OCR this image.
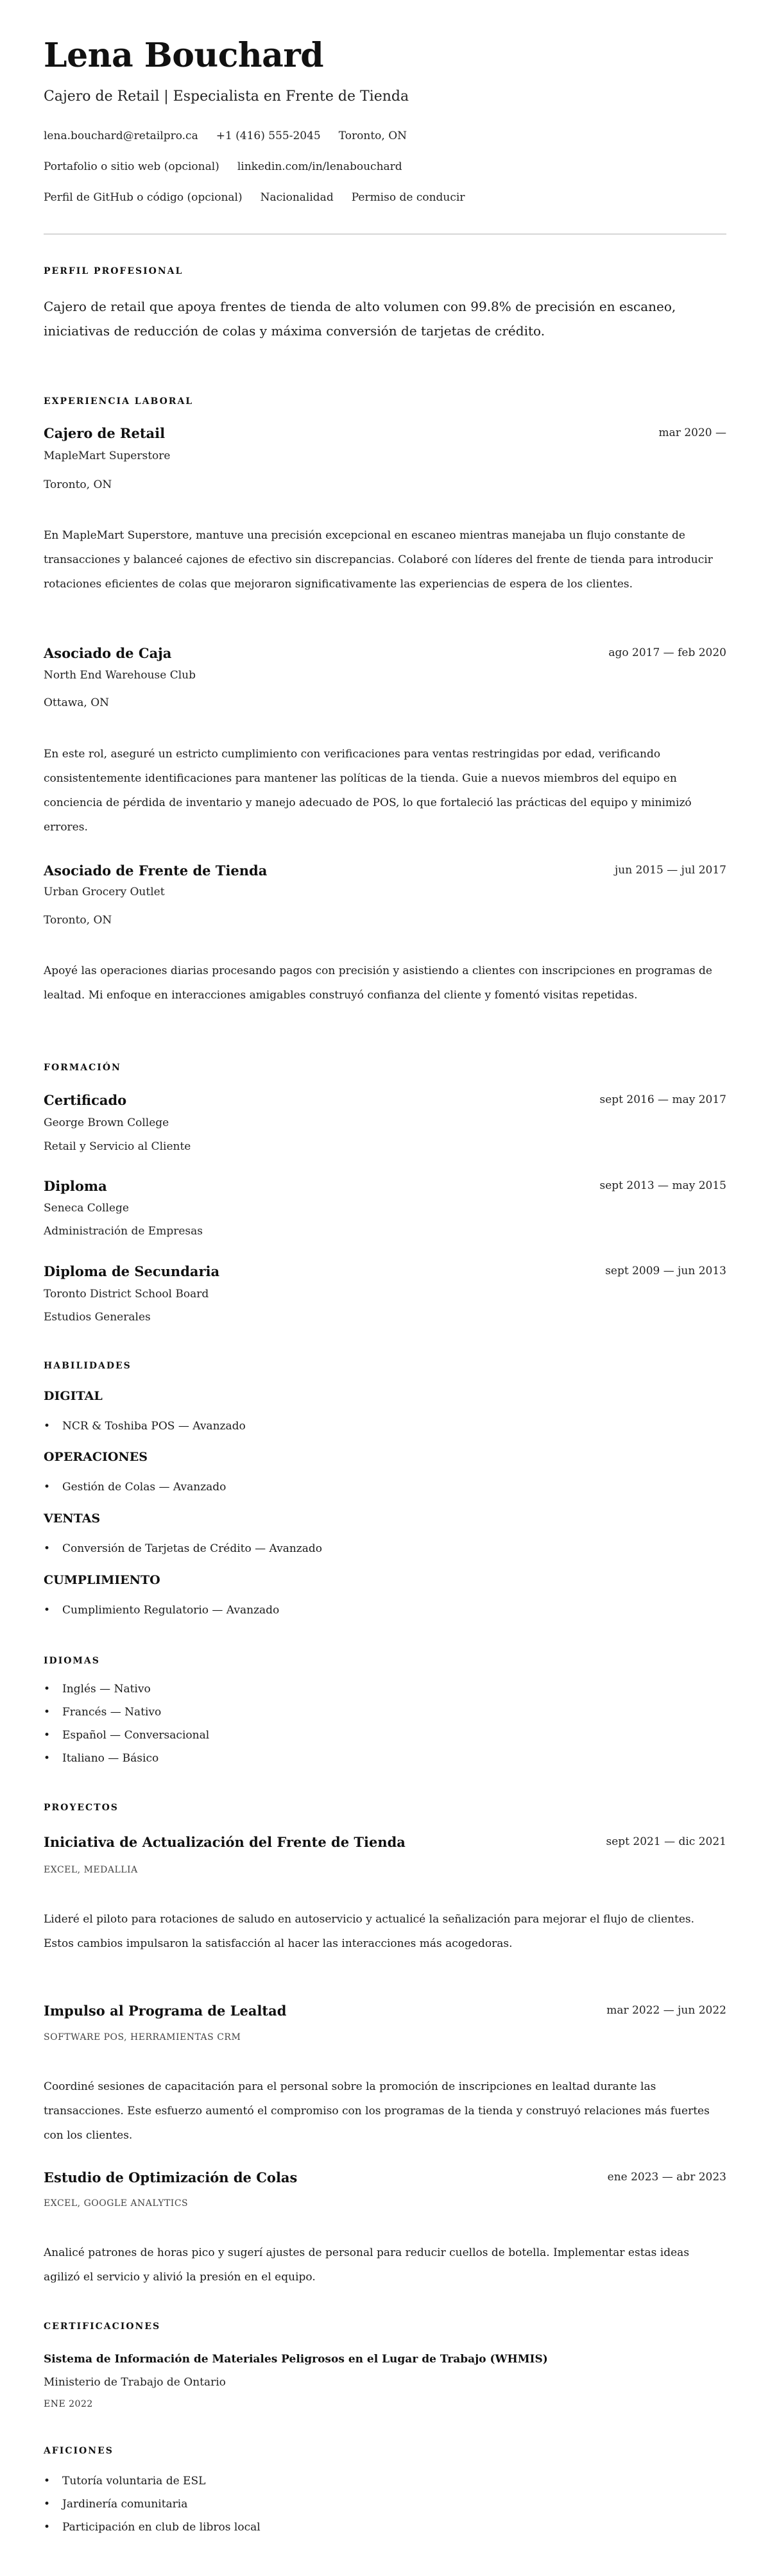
Lena Bouchard
Cajero de Retail | Especialista en Frente de Tienda
lena.bouchard@retailpro.ca +1 (416) 555-2045 Toronto, ON
Portafolio o sitio web (opcional) linkedin.com/in/lenabouchard
Perfil de GitHub o código (opcional) Nacionalidad Permiso de conducir
PERFIL PROFESIONAL

Cajero de retail que apoya frentes de tienda de alto volumen con 99.8% de precisión en escaneo, iniciativas de reducción de colas y máxima conversión de tarjetas de crédito.

EXPERIENCIA LABORAL
Cajero de Retail	mar 2020 —
MapleMart Superstore
Toronto, ON

En MapleMart Superstore, mantuve una precisión excepcional en escaneo mientras manejaba un flujo constante de transacciones y balanceé cajones de efectivo sin discrepancias. Colaboré con líderes del frente de tienda para introducir rotaciones eficientes de colas que mejoraron significativamente las experiencias de espera de los clientes.

Asociado de Caja	ago 2017 — feb 2020
North End Warehouse Club
Ottawa, ON

En este rol, aseguré un estricto cumplimiento con verificaciones para ventas restringidas por edad, verificando consistentemente identificaciones para mantener las políticas de la tienda. Guie a nuevos miembros del equipo en conciencia de pérdida de inventario y manejo adecuado de POS, lo que fortaleció las prácticas del equipo y minimizó errores.

Asociado de Frente de Tienda	jun 2015 — jul 2017
Urban Grocery Outlet
Toronto, ON

Apoyé las operaciones diarias procesando pagos con precisión y asistiendo a clientes con inscripciones en programas de lealtad. Mi enfoque en interacciones amigables construyó confianza del cliente y fomentó visitas repetidas.

FORMACIÓN
Certificado	sept 2016 — may 2017
George Brown College
Retail y Servicio al Cliente
Diploma	sept 2013 — may 2015
Seneca College
Administración de Empresas
Diploma de Secundaria	sept 2009 — jun 2013
Toronto District School Board
Estudios Generales
HABILIDADES
DIGITAL
• NCR & Toshiba POS — Avanzado
OPERACIONES
• Gestión de Colas — Avanzado
VENTAS
• Conversión de Tarjetas de Crédito — Avanzado
CUMPLIMIENTO
• Cumplimiento Regulatorio — Avanzado
IDIOMAS
• Inglés — Nativo
• Francés — Nativo
• Español — Conversacional
• Italiano — Básico
PROYECTOS
Iniciativa de Actualización del Frente de Tienda	sept 2021 — dic 2021
EXCEL, MEDALLIA

Lideré el piloto para rotaciones de saludo en autoservicio y actualicé la señalización para mejorar el flujo de clientes. Estos cambios impulsaron la satisfacción al hacer las interacciones más acogedoras.

Impulso al Programa de Lealtad	mar 2022 — jun 2022
SOFTWARE POS, HERRAMIENTAS CRM

Coordiné sesiones de capacitación para el personal sobre la promoción de inscripciones en lealtad durante las transacciones. Este esfuerzo aumentó el compromiso con los programas de la tienda y construyó relaciones más fuertes con los clientes.

Estudio de Optimización de Colas	ene 2023 — abr 2023
EXCEL, GOOGLE ANALYTICS

Analicé patrones de horas pico y sugerí ajustes de personal para reducir cuellos de botella. Implementar estas ideas agilizó el servicio y alivió la presión en el equipo.

CERTIFICACIONES
Sistema de Información de Materiales Peligrosos en el Lugar de Trabajo (WHMIS)
Ministerio de Trabajo de Ontario
ENE 2022
AFICIONES
• Tutoría voluntaria de ESL
• Jardinería comunitaria
• Participación en club de libros local
